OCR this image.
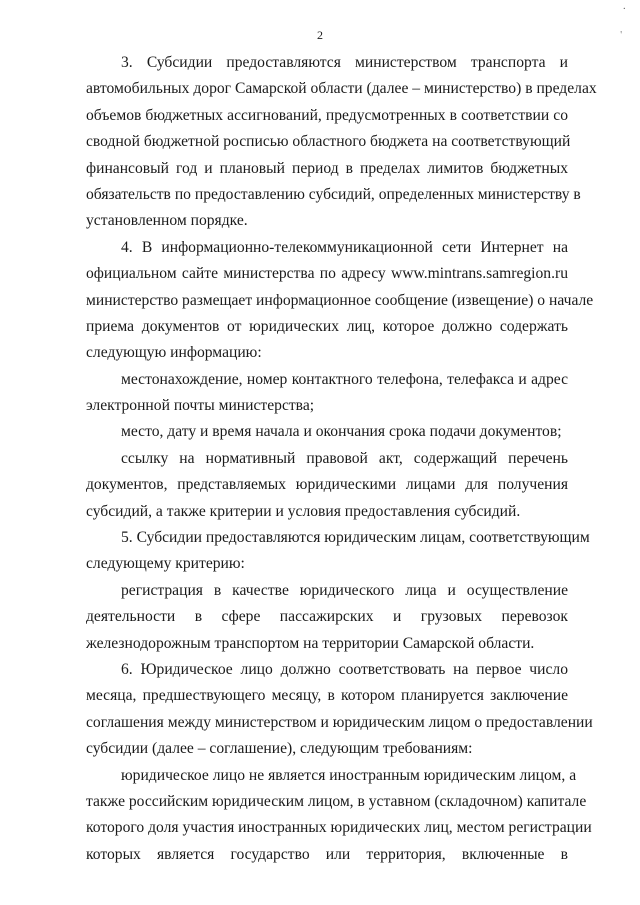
·
'
2
3. Субсидии предоставляются министерством транспорта и
автомобильных дорог Самарской области (далее – министерство) в пределах
объемов бюджетных ассигнований, предусмотренных в соответствии со
сводной бюджетной росписью областного бюджета на соответствующий
финансовый год и плановый период в пределах лимитов бюджетных
обязательств по предоставлению субсидий, определенных министерству в
установленном порядке.
4. В информационно-телекоммуникационной сети Интернет на
официальном сайте министерства по адресу www.mintrans.samregion.ru
министерство размещает информационное сообщение (извещение) о начале
приема документов от юридических лиц, которое должно содержать
следующую информацию:
местонахождение, номер контактного телефона, телефакса и адрес
электронной почты министерства;
место, дату и время начала и окончания срока подачи документов;
ссылку на нормативный правовой акт, содержащий перечень
документов, представляемых юридическими лицами для получения
субсидий, а также критерии и условия предоставления субсидий.
5. Субсидии предоставляются юридическим лицам, соответствующим
следующему критерию:
регистрация в качестве юридического лица и осуществление
деятельности в сфере пассажирских и грузовых перевозок
железнодорожным транспортом на территории Самарской области.
6. Юридическое лицо должно соответствовать на первое число
месяца, предшествующего месяцу, в котором планируется заключение
соглашения между министерством и юридическим лицом о предоставлении
субсидии (далее – соглашение), следующим требованиям:
юридическое лицо не является иностранным юридическим лицом, а
также российским юридическим лицом, в уставном (складочном) капитале
которого доля участия иностранных юридических лиц, местом регистрации
которых является государство или территория, включенные в
